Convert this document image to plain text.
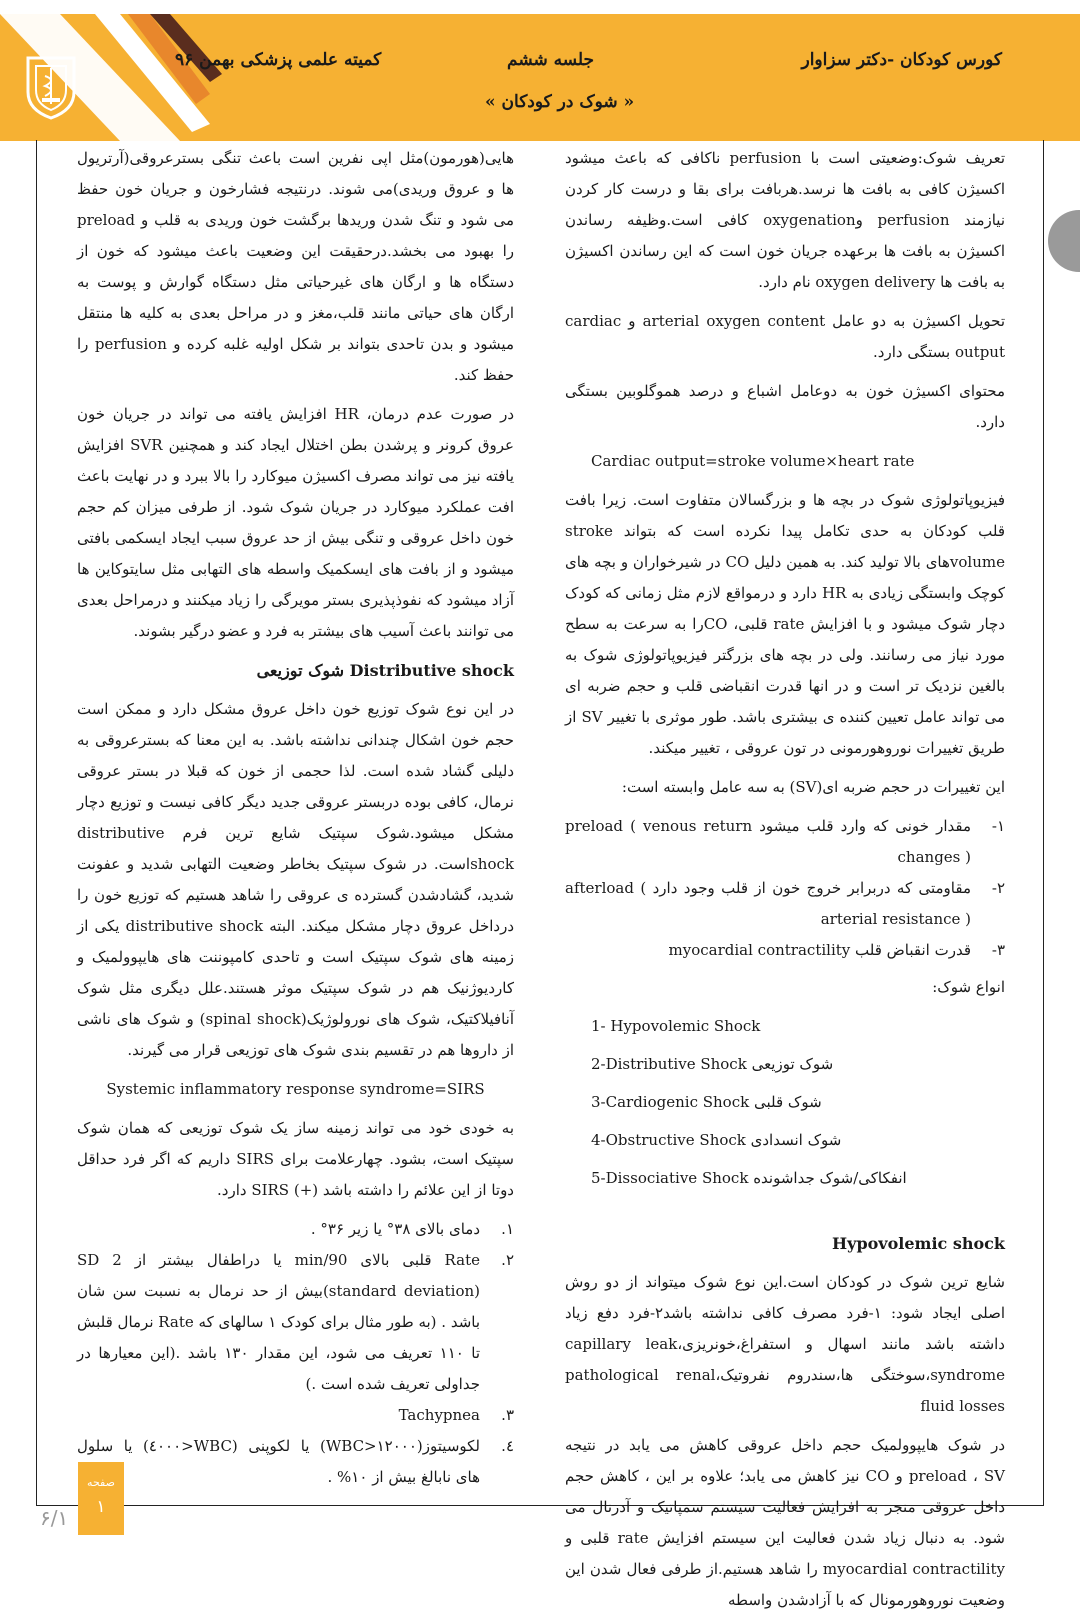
کورس کودکان -دکتر سزاوار
جلسه ششم
کمیته علمی پزشکی بهمن ۹۶
« شوک در کودکان »

تعریف شوک:وضعیتی است با perfusion ناکافی که باعث میشود اکسیژن کافی به بافت ها نرسد.هربافت برای بقا و درست کار کردن نیازمند perfusion وoxygenation کافی است.وظیفه رساندن اکسیژن به بافت ها برعهده جریان خون است که این رساندن اکسیژن به بافت ها oxygen delivery نام دارد.

تحویل اکسیژن به دو عامل arterial oxygen content و cardiac output بستگی دارد.

محتوای اکسیژن خون به دوعامل اشباع و درصد هموگلوبین بستگی دارد.

Cardiac output=stroke volume×heart rate

فیزیوپاتولوژی شوک در بچه ها و بزرگسالان متفاوت است. زیرا بافت قلب کودکان به حدی تکامل پیدا نکرده است که بتواند stroke volumeهای بالا تولید کند. به همین دلیل CO در شیرخواران و بچه های کوچک وابستگی زیادی به HR دارد و درمواقع لازم مثل زمانی که کودک دچار شوک میشود و با افزایش rate قلبی، COرا به سرعت به سطح مورد نیاز می رسانند. ولی در بچه های بزرگتر فیزیوپاتولوژی شوک به بالغین نزدیک تر است و در انها قدرت انقباضی قلب و حجم ضربه ای می تواند عامل تعیین کننده ی بیشتری باشد. طور موثری با تغییر SV از طریق تغییرات نوروهورمونی در تون عروقی ، تغییر میکند.

این تغییرات در حجم ضربه ای(SV) به سه عامل وابسته است:

۱-
مقدار خونی که وارد قلب میشود preload ( venous return changes )
۲-
مقاومتی که دربرابر خروج خون از قلب وجود دارد afterload ( arterial resistance )
۳-
قدرت انقباض قلب myocardial contractility

انواع شوک:

1- Hypovolemic Shock
2-Distributive Shock شوک توزیعی
3-Cardiogenic Shock شوک قلبی
4-Obstructive Shock شوک انسدادی
5-Dissociative Shock انفکاکی/شوک جداشونده

Hypovolemic shock

شایع ترین شوک در کودکان است.این نوع شوک میتواند از دو روش اصلی ایجاد شود: ۱-فرد مصرف کافی نداشته باشد۲-فرد دفع زیاد داشته باشد مانند اسهال و استفراغ،خونریزی،capillary leak syndrome،سوختگی ها،سندروم نفروتیک،pathological renal fluid losses

در شوک هایپوولمیک حجم داخل عروقی کاهش می یابد در نتیجه preload ، SV و CO نیز کاهش می یابد؛ علاوه بر این ، کاهش حجم داخل عروقی منجر به افزایش فعالیت سیستم سمپاتیک و آدرنال می شود. به دنبال زیاد شدن فعالیت این سیستم افزایش rate قلبی و myocardial contractility را شاهد هستیم.از طرفی فعال شدن این وضعیت نوروهورمونال که با آزادشدن واسطه

هایی(هورمون)مثل اپی نفرین است باعث تنگی بسترعروقی(آرتریول ها و عروق وریدی)می شوند. درنتیجه فشارخون و جریان خون حفظ می شود و تنگ شدن وریدها برگشت خون وریدی به قلب و preload را بهبود می بخشد.درحقیقت این وضعیت باعث میشود که خون از دستگاه ها و ارگان های غیرحیاتی مثل دستگاه گوارش و پوست به ارگان های حیاتی مانند قلب،مغز و در مراحل بعدی به کلیه ها منتقل میشود و بدن تاحدی بتواند بر شکل اولیه غلبه کرده و perfusion را حفظ کند.

در صورت عدم درمان، HR افزایش یافته می تواند در جریان خون عروق کرونر و پرشدن بطن اختلال ایجاد کند و همچنین SVR افزایش یافته نیز می تواند مصرف اکسیژن میوکارد را بالا ببرد و در نهایت باعث افت عملکرد میوکارد در جریان شوک شود. از طرفی میزان کم حجم خون داخل عروقی و تنگی بیش از حد عروق سبب ایجاد ایسکمی بافتی میشود و از بافت های ایسکمیک واسطه های التهابی مثل سایتوکاین ها آزاد میشود که نفوذپذیری بستر مویرگی را زیاد میکنند و درمراحل بعدی می توانند باعث آسیب های بیشتر به فرد و عضو درگیر بشوند.

Distributive shock شوک توزیعی

در این نوع شوک توزیع خون داخل عروق مشکل دارد و ممکن است حجم خون اشکال چندانی نداشته باشد. به این معنا که بسترعروقی به دلیلی گشاد شده است. لذا حجمی از خون که قبلا در بستر عروقی نرمال، کافی بوده دربستر عروقی جدید دیگر کافی نیست و توزیع دچار مشکل میشود.شوک سپتیک شایع ترین فرم distributive shockاست. در شوک سپتیک بخاطر وضعیت التهابی شدید و عفونت شدید، گشادشدن گسترده ی عروقی را شاهد هستیم که توزیع خون را درداخل عروق دچار مشکل میکند. البته distributive shock یکی از زمینه های شوک سپتیک است و تاحدی کامپوننت های هایپوولمیک و کاردیوژنیک هم در شوک سپتیک موثر هستند.علل دیگری مثل شوک آنافیلاکتیک، شوک های نورولوژیک(spinal shock) و شوک های ناشی از داروها هم در تقسیم بندی شوک های توزیعی قرار می گیرند.

Systemic inflammatory response syndrome=SIRS

به خودی خود می تواند زمینه ساز یک شوک توزیعی که همان شوک سپتیک است، بشود. چهارعلامت برای SIRS داریم که اگر فرد حداقل دوتا از این علائم را داشته باشد (+) SIRS دارد.

۱.
دمای بالای ۳۸° یا زیر ۳۶° .
۲.
Rate قلبی بالای 90/min یا دراطفال بیشتر از 2 SD (standard deviation)بیش از حد نرمال به نسبت سن شان باشد . (به طور مثال برای کودک ۱ سالهای که Rate نرمال قلبش تا ۱۱۰ تعریف می شود، این مقدار ۱۳۰ باشد .(این معیارها در جداولی تعریف شده است .)
۳.
Tachypnea
٤.
لکوسیتوز(WBC>۱۲۰۰۰) یا لکوپنی (WBC<٤۰۰۰) یا سلول های نابالغ بیش از ۱۰% .
صفحه
۱
۶/۱
